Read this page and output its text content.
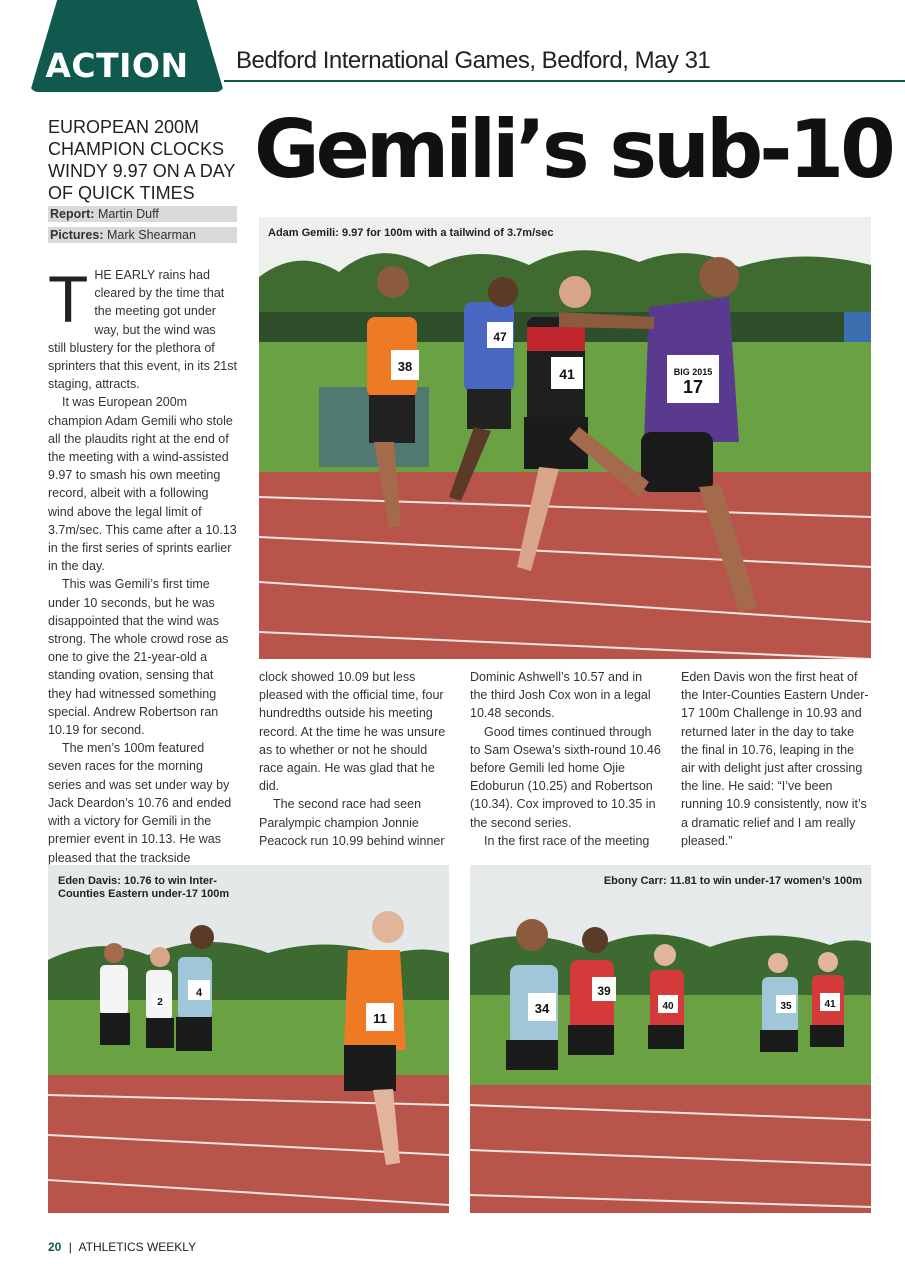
ACTION	Bedford International Games, Bedford, May 31
EUROPEAN 200M CHAMPION CLOCKS WINDY 9.97 ON A DAY OF QUICK TIMES Gemili’s sub-10
Report: Martin Duff
Pictures: Mark Shearman
38
47
41	BIG 2015
17
Adam Gemili: 9.97 for 100m with a tailwind of 3.7m/sec
T HE EARLY rains had cleared by the time that the meeting got under way, but the wind was still blustery for the plethora of sprinters that this event, in its 21st staging, attracts.

It was European 200m champion Adam Gemili who stole all the plaudits right at the end of the meeting with a wind-assisted 9.97 to smash his own meeting record, albeit with a following wind above the legal limit of 3.7m/sec. This came after a 10.13 in the first series of sprints earlier in the day.

This was Gemili’s first time under 10 seconds, but he was disappointed that the wind was strong. The whole crowd rose as one to give the 21-year-old a standing ovation, sensing that they had witnessed something special. Andrew Robertson ran 10.19 for second.

The men’s 100m featured seven races for the morning series and was set under way by Jack Deardon’s 10.76 and ended with a victory for Gemili in the premier event in 10.13. He was pleased that the trackside

clock showed 10.09 but less pleased with the official time, four hundredths outside his meeting record. At the time he was unsure as to whether or not he should race again. He was glad that he did.

The second race had seen Paralympic champion Jonnie Peacock run 10.99 behind winner

Dominic Ashwell’s 10.57 and in the third Josh Cox won in a legal 10.48 seconds.

Good times continued through to Sam Osewa’s sixth-round 10.46 before Gemili led home Ojie Edoburun (10.25) and Robertson (10.34). Cox improved to 10.35 in the second series.

In the first race of the meeting

Eden Davis won the first heat of the Inter-Counties Eastern Under-17 100m Challenge in 10.93 and returned later in the day to take the final in 10.76, leaping in the air with delight just after crossing the line. He said: “I’ve been running 10.9 consistently, now it’s a dramatic relief and I am really pleased.”

2
4
11
Eden Davis: 10.76 to win Inter-Counties Eastern under-17 100m
34
39
40	35	41
Ebony Carr: 11.81 to win under-17 women’s 100m
20 | ATHLETICS WEEKLY
